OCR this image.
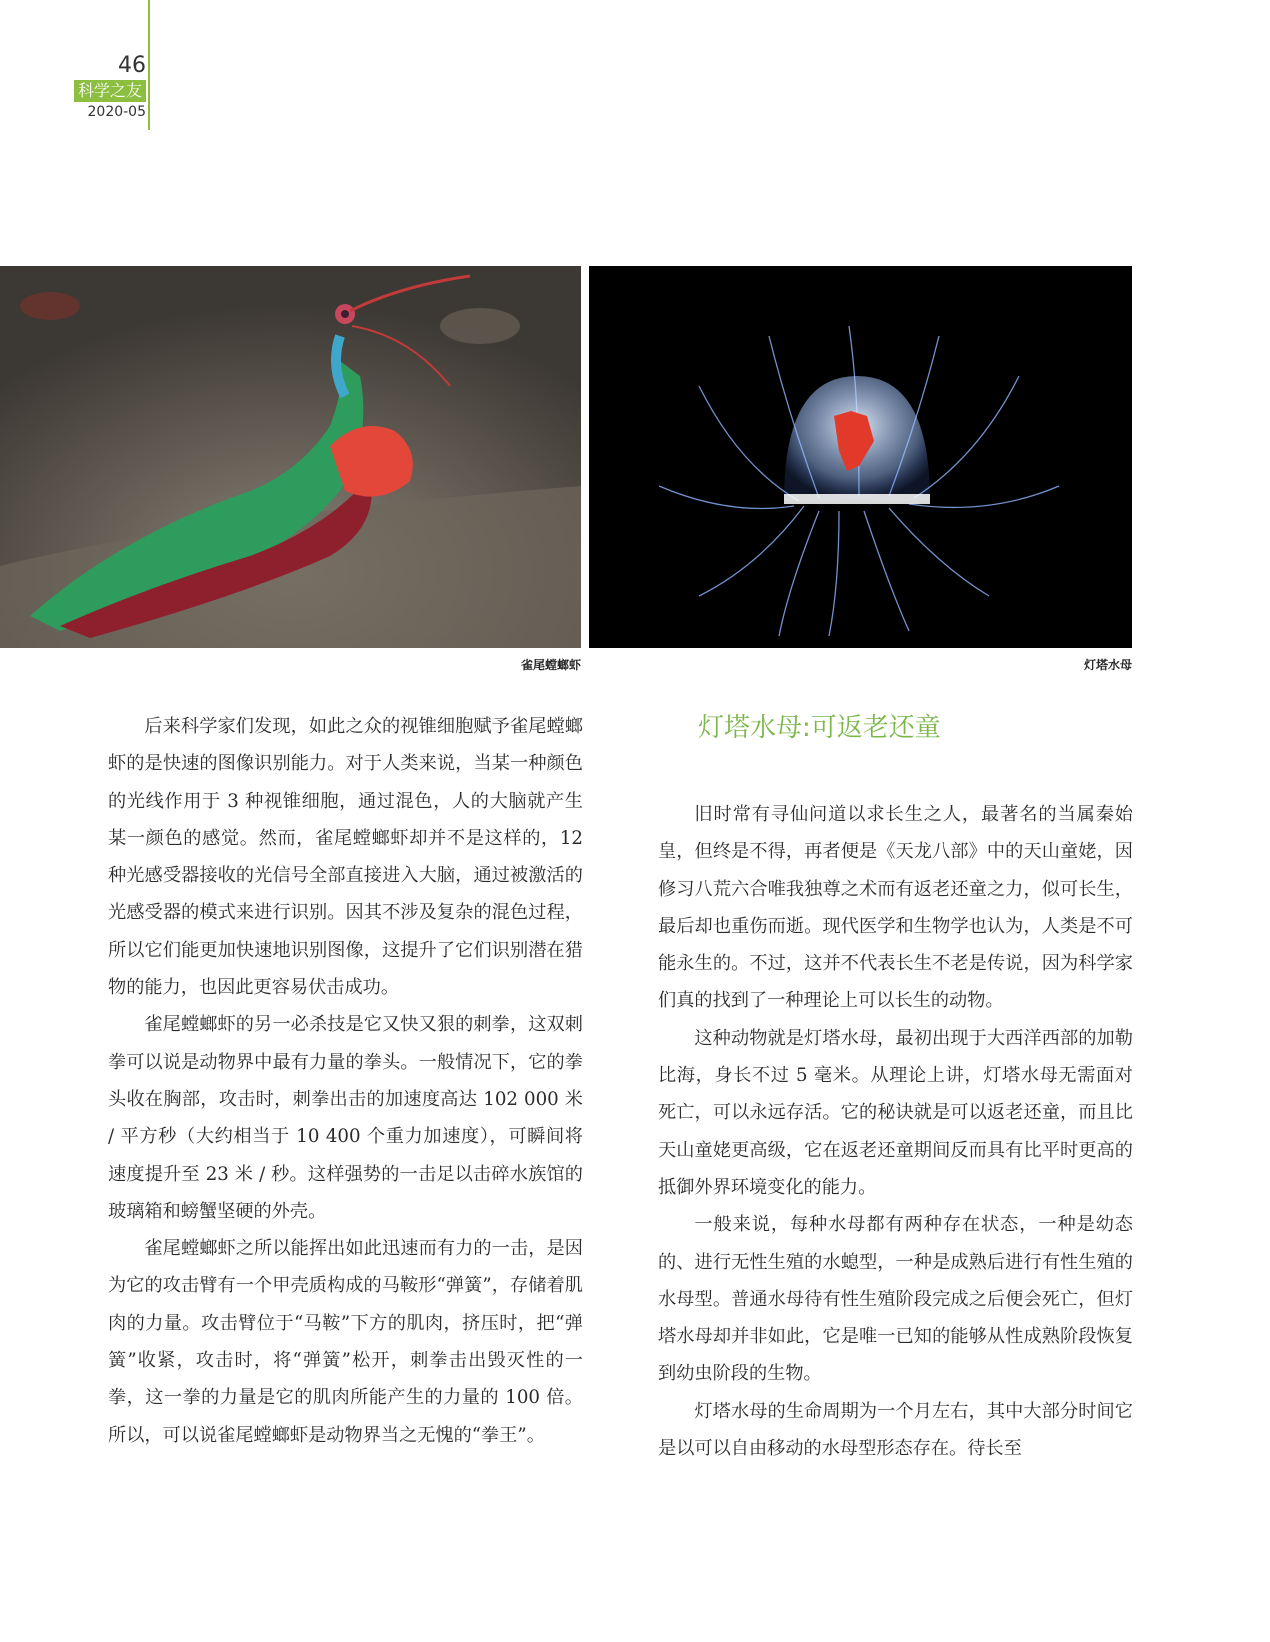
46
科学之友
2020-05
雀尾螳螂虾	灯塔水母

后来科学家们发现，如此之众的视锥细胞赋予雀尾螳螂虾的是快速的图像识别能力。对于人类来说，当某一种颜色的光线作用于 3 种视锥细胞，通过混色，人的大脑就产生某一颜色的感觉。然而，雀尾螳螂虾却并不是这样的，12 种光感受器接收的光信号全部直接进入大脑，通过被激活的光感受器的模式来进行识别。因其不涉及复杂的混色过程，所以它们能更加快速地识别图像，这提升了它们识别潜在猎物的能力，也因此更容易伏击成功。

雀尾螳螂虾的另一必杀技是它又快又狠的刺拳，这双刺拳可以说是动物界中最有力量的拳头。一般情况下，它的拳头收在胸部，攻击时，刺拳出击的加速度高达 102 000 米 / 平方秒（大约相当于 10 400 个重力加速度），可瞬间将速度提升至 23 米 / 秒。这样强势的一击足以击碎水族馆的玻璃箱和螃蟹坚硬的外壳。

雀尾螳螂虾之所以能挥出如此迅速而有力的一击，是因为它的攻击臂有一个甲壳质构成的马鞍形“弹簧”，存储着肌肉的力量。攻击臂位于“马鞍”下方的肌肉，挤压时，把“弹簧”收紧，攻击时，将“弹簧”松开，刺拳击出毁灭性的一拳，这一拳的力量是它的肌肉所能产生的力量的 100 倍。所以，可以说雀尾螳螂虾是动物界当之无愧的“拳王”。

灯塔水母:可返老还童

旧时常有寻仙问道以求长生之人，最著名的当属秦始皇，但终是不得，再者便是《天龙八部》中的天山童姥，因修习八荒六合唯我独尊之术而有返老还童之力，似可长生，最后却也重伤而逝。现代医学和生物学也认为，人类是不可能永生的。不过，这并不代表长生不老是传说，因为科学家们真的找到了一种理论上可以长生的动物。

这种动物就是灯塔水母，最初出现于大西洋西部的加勒比海，身长不过 5 毫米。从理论上讲，灯塔水母无需面对死亡，可以永远存活。它的秘诀就是可以返老还童，而且比天山童姥更高级，它在返老还童期间反而具有比平时更高的抵御外界环境变化的能力。

一般来说，每种水母都有两种存在状态，一种是幼态的、进行无性生殖的水螅型，一种是成熟后进行有性生殖的水母型。普通水母待有性生殖阶段完成之后便会死亡，但灯塔水母却并非如此，它是唯一已知的能够从性成熟阶段恢复到幼虫阶段的生物。

灯塔水母的生命周期为一个月左右，其中大部分时间它是以可以自由移动的水母型形态存在。待长至
